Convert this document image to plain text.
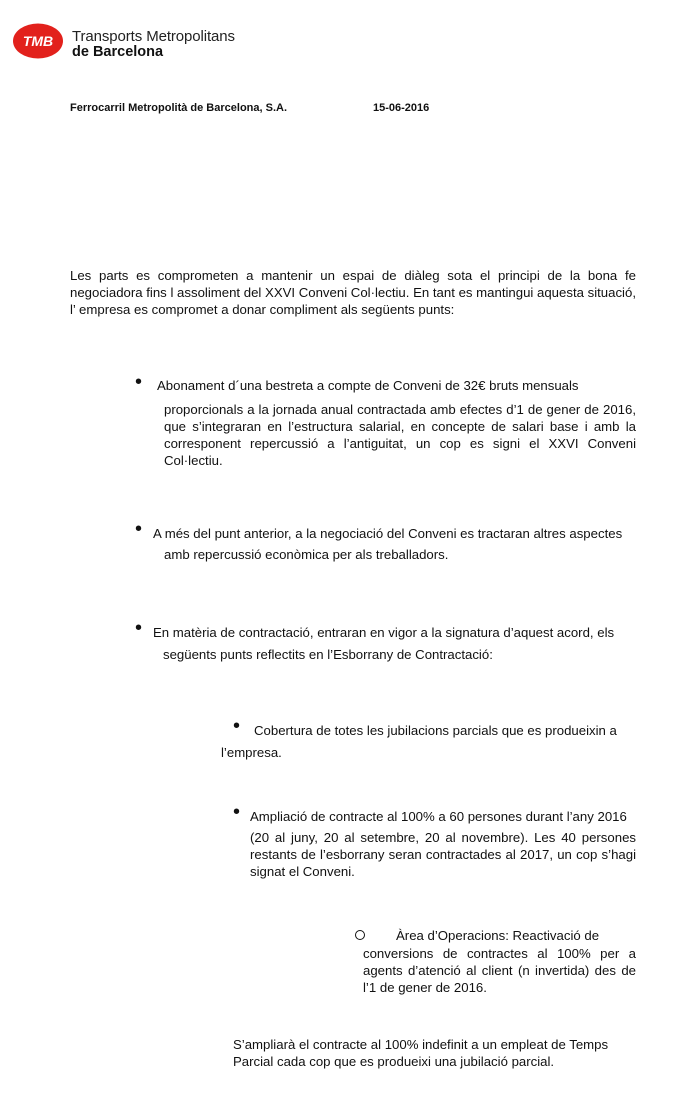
TMB Transports Metropolitans
de Barcelona
Ferrocarril Metropolità de Barcelona, S.A.	15-06-2016
Les parts es comprometen a mantenir un espai de diàleg sota el principi de la bona fe negociadora fins l assoliment del XXVI Conveni Col·lectiu. En tant es mantingui aquesta situació, l’ empresa es compromet a donar compliment als següents punts:
• Abonament d´una bestreta a compte de Conveni de 32€ bruts mensuals
proporcionals a la jornada anual contractada amb efectes d’1 de gener de 2016, que s’integraran en l’estructura salarial, en concepte de salari base i amb la corresponent repercussió a l’antiguitat, un cop es signi el XXVI Conveni Col·lectiu.
• A més del punt anterior, a la negociació del Conveni es tractaran altres aspectes
amb repercussió econòmica per als treballadors.
• En matèria de contractació, entraran en vigor a la signatura d’aquest acord, els
següents punts reflectits en l’Esborrany de Contractació:
• Cobertura de totes les jubilacions parcials que es produeixin a
l’empresa.
• Ampliació de contracte al 100% a 60 persones durant l’any 2016
(20 al juny, 20 al setembre, 20 al novembre). Les 40 persones restants de l’esborrany seran contractades al 2017, un cop s’hagi signat el Conveni.
Àrea d’Operacions: Reactivació de
conversions de contractes al 100% per a agents d’atenció al client (n invertida) des de l’1 de gener de 2016.
S’ampliarà el contracte al 100% indefinit a un empleat de Temps Parcial cada cop que es produeixi una jubilació parcial.
